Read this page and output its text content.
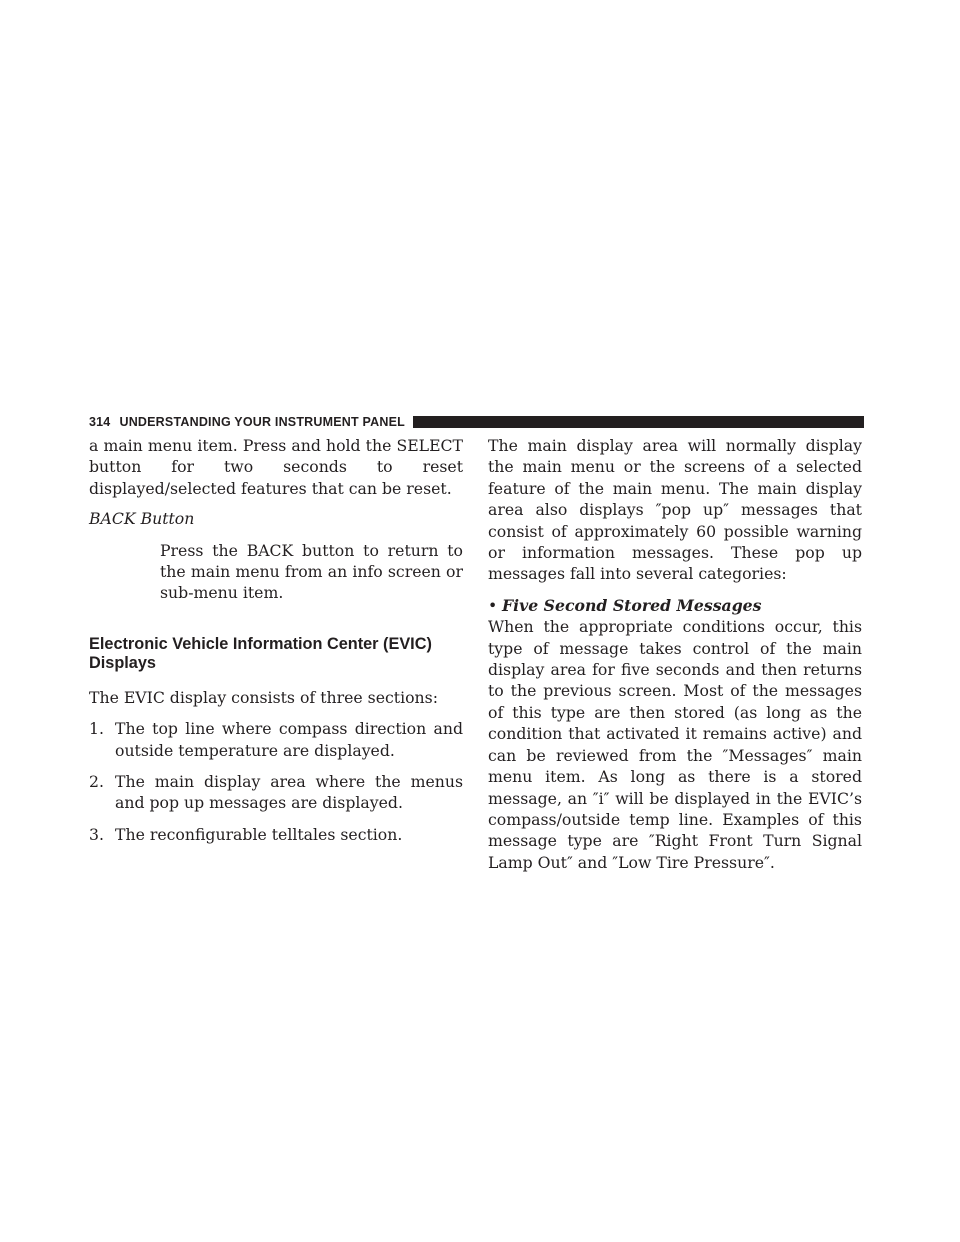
314 UNDERSTANDING YOUR INSTRUMENT PANEL

a main menu item. Press and hold the SELECT button for two seconds to reset displayed/selected features that can be reset.

BACK Button

Press the BACK button to return to the main menu from an info screen or sub-menu item.

Electronic Vehicle Information Center (EVIC) Displays

The EVIC display consists of three sections:

1. The top line where compass direction and outside temperature are displayed.
2. The main display area where the menus and pop up messages are displayed.
3. The reconfigurable telltales section.

The main display area will normally display the main menu or the screens of a selected feature of the main menu. The main display area also displays ″pop up″ messages that consist of approximately 60 possible warning or information messages. These pop up messages fall into several categories:

• Five Second Stored Messages

When the appropriate conditions occur, this type of message takes control of the main display area for five seconds and then returns to the previous screen. Most of the messages of this type are then stored (as long as the condition that activated it remains active) and can be reviewed from the ″Messages″ main menu item. As long as there is a stored message, an ″i″ will be displayed in the EVIC’s compass/outside temp line. Examples of this message type are ″Right Front Turn Signal Lamp Out″ and ″Low Tire Pressure″.
